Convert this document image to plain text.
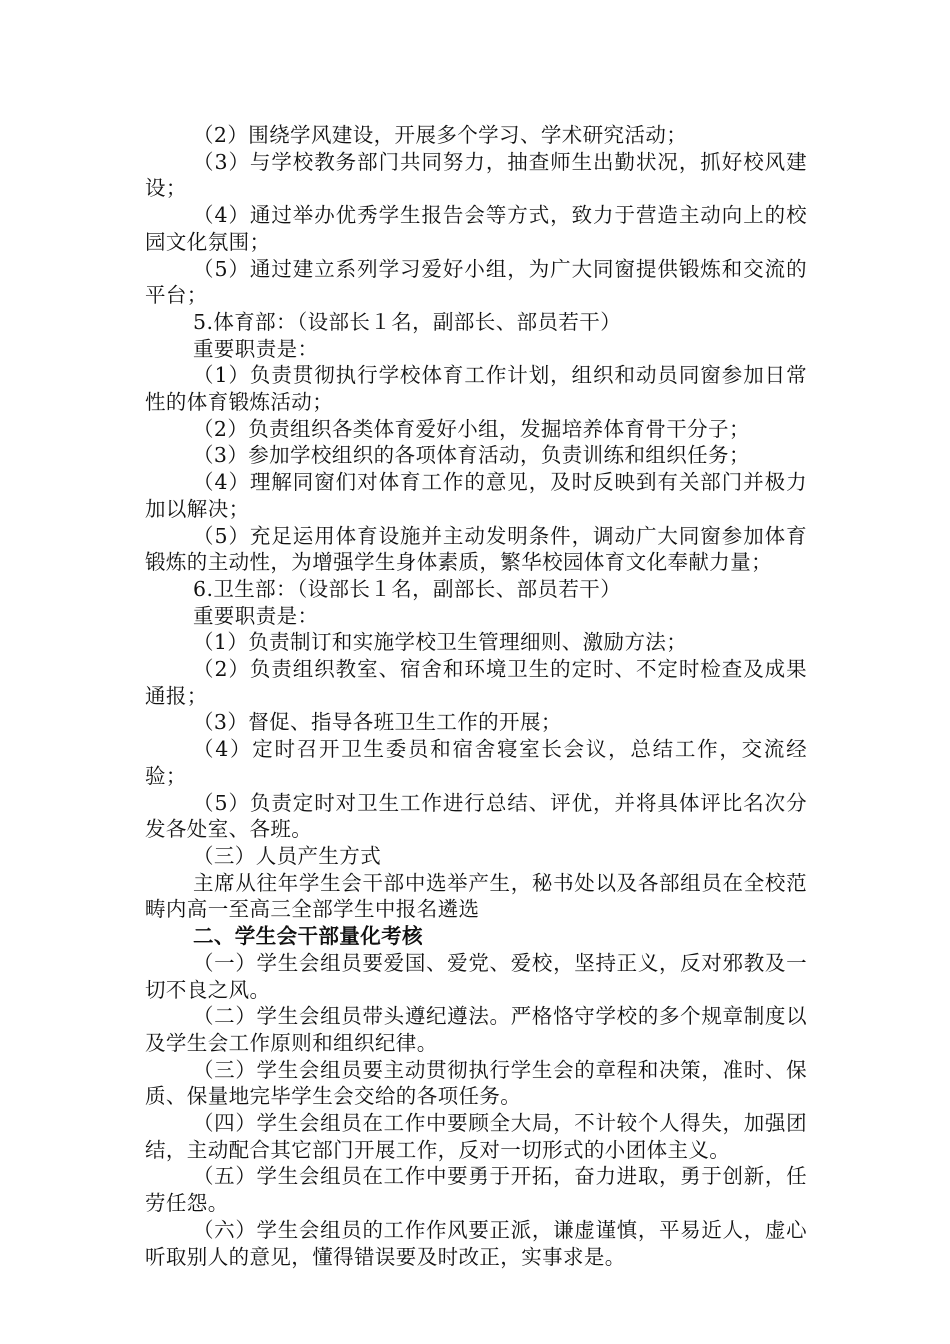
（2）围绕学风建设，开展多个学习、学术研究活动；

（3）与学校教务部门共同努力，抽查师生出勤状况，抓好校风建设；

（4）通过举办优秀学生报告会等方式，致力于营造主动向上的校园文化氛围；

（5）通过建立系列学习爱好小组，为广大同窗提供锻炼和交流的平台；

5.体育部：（设部长１名，副部长、部员若干）

重要职责是：

（1）负责贯彻执行学校体育工作计划，组织和动员同窗参加日常性的体育锻炼活动；

（2）负责组织各类体育爱好小组，发掘培养体育骨干分子；

（3）参加学校组织的各项体育活动，负责训练和组织任务；

（4）理解同窗们对体育工作的意见，及时反映到有关部门并极力加以解决；

（5）充足运用体育设施并主动发明条件，调动广大同窗参加体育锻炼的主动性，为增强学生身体素质，繁华校园体育文化奉献力量；

6.卫生部：（设部长１名，副部长、部员若干）

重要职责是：

（1）负责制订和实施学校卫生管理细则、激励方法；

（2）负责组织教室、宿舍和环境卫生的定时、不定时检查及成果通报；

（3）督促、指导各班卫生工作的开展；

（4）定时召开卫生委员和宿舍寝室长会议，总结工作，交流经验；

（5）负责定时对卫生工作进行总结、评优，并将具体评比名次分发各处室、各班。

（三）人员产生方式

主席从往年学生会干部中选举产生，秘书处以及各部组员在全校范畴内高一至高三全部学生中报名遴选

二、学生会干部量化考核

（一）学生会组员要爱国、爱党、爱校，坚持正义，反对邪教及一切不良之风。

（二）学生会组员带头遵纪遵法。严格恪守学校的多个规章制度以及学生会工作原则和组织纪律。

（三）学生会组员要主动贯彻执行学生会的章程和决策，准时、保质、保量地完毕学生会交给的各项任务。

（四）学生会组员在工作中要顾全大局，不计较个人得失，加强团结，主动配合其它部门开展工作，反对一切形式的小团体主义。

（五）学生会组员在工作中要勇于开拓，奋力进取，勇于创新，任劳任怨。

（六）学生会组员的工作作风要正派，谦虚谨慎，平易近人，虚心听取别人的意见，懂得错误要及时改正，实事求是。
